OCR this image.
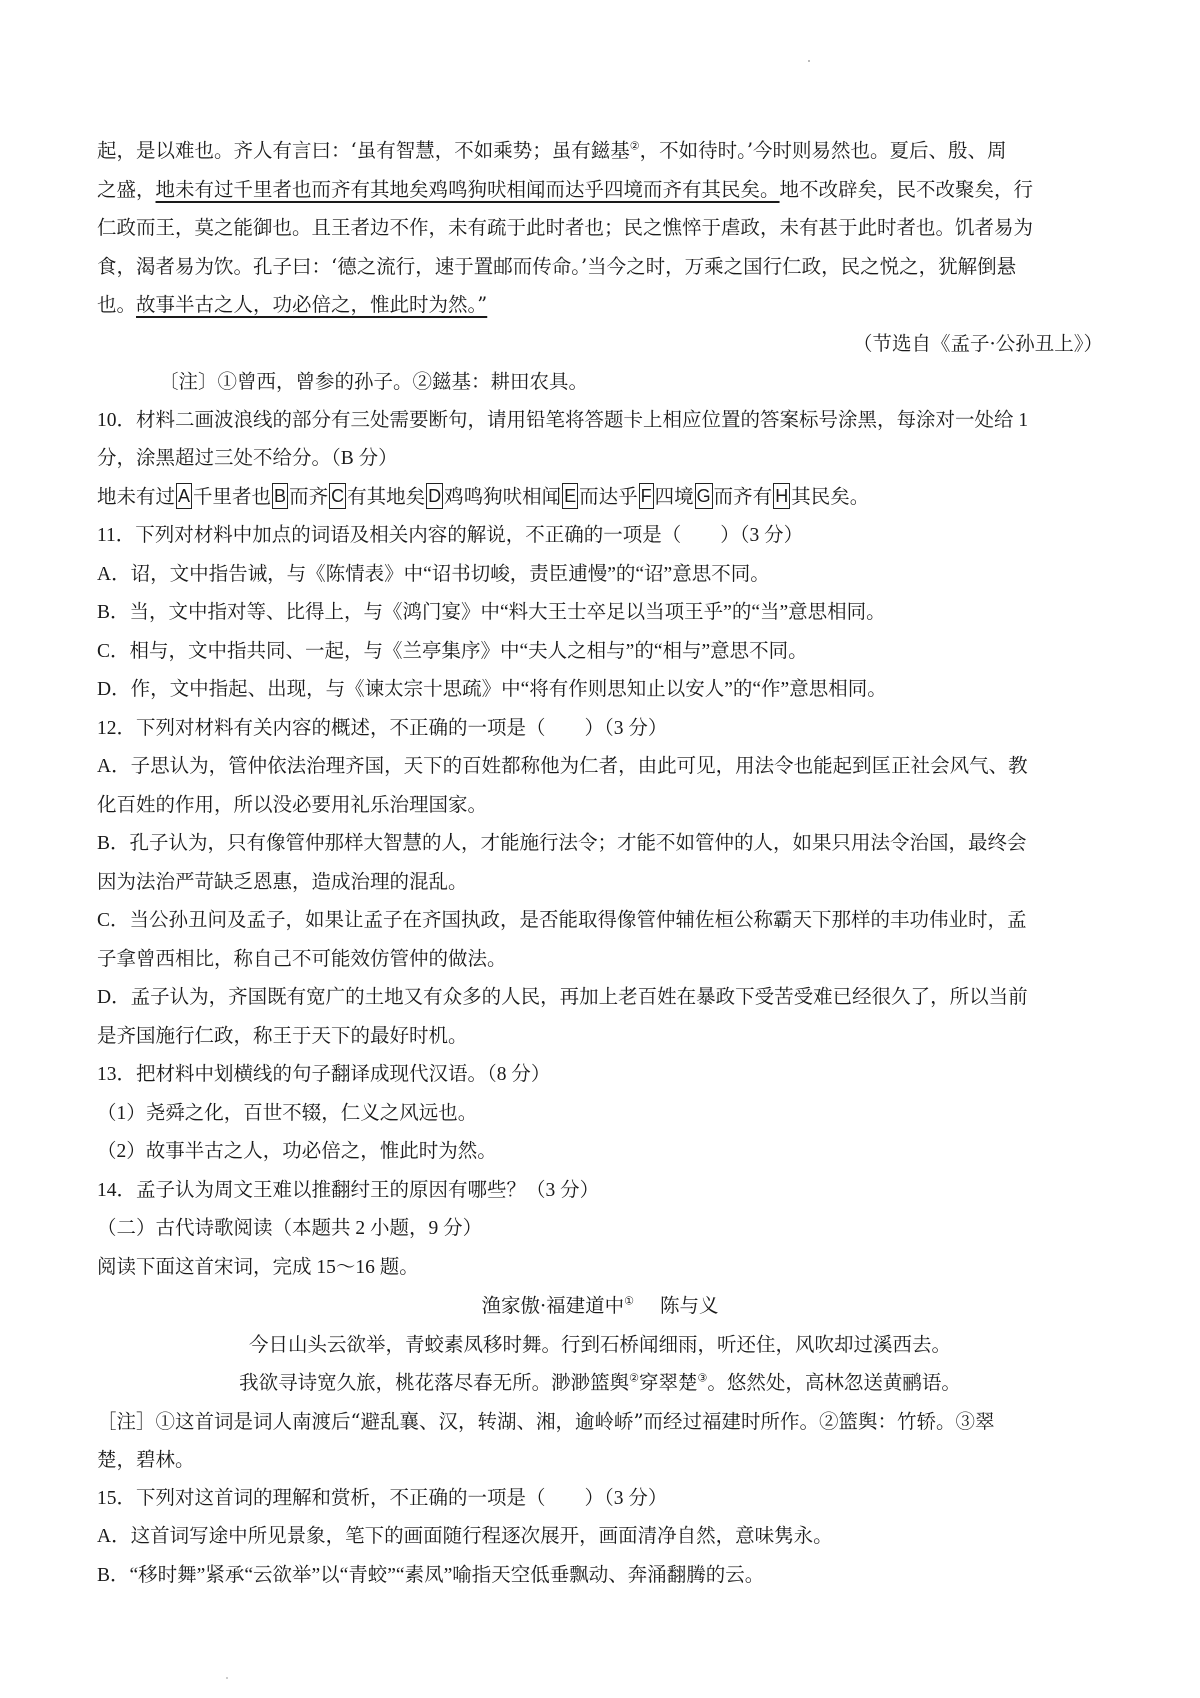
起，是以难也。齐人有言曰：‘虽有智慧，不如乘势；虽有鎡基②，不如待时。’今时则易然也。夏后、殷、周
之盛，地未有过千里者也而齐有其地矣鸡鸣狗吠相闻而达乎四境而齐有其民矣。地不改辟矣，民不改聚矣，行
仁政而王，莫之能御也。且王者边不作，未有疏于此时者也；民之憔悴于虐政，未有甚于此时者也。饥者易为
食，渴者易为饮。孔子曰：‘德之流行，速于置邮而传命。’当今之时，万乘之国行仁政，民之悦之，犹解倒悬
也。故事半古之人，功必倍之，惟此时为然。”
（节选自《孟子·公孙丑上》）
〔注〕①曾西，曾参的孙子。②鎡基：耕田农具。
10．材料二画波浪线的部分有三处需要断句，请用铅笔将答题卡上相应位置的答案标号涂黑，每涂对一处给 1
分，涂黑超过三处不给分。（B 分）
地未有过 A 千里者也 B 而齐 C 有其地矣 D 鸡鸣狗吠相闻 E 而达乎 F 四境 G 而齐有 H 其民矣。
11．下列对材料中加点的词语及相关内容的解说，不正确的一项是（　　）（3 分）
A．诏，文中指告诫，与《陈情表》中“诏书切峻，责臣逋慢”的“诏”意思不同。
B．当，文中指对等、比得上，与《鸿门宴》中“料大王士卒足以当项王乎”的“当”意思相同。
C．相与，文中指共同、一起，与《兰亭集序》中“夫人之相与”的“相与”意思不同。
D．作，文中指起、出现，与《谏太宗十思疏》中“将有作则思知止以安人”的“作”意思相同。
12．下列对材料有关内容的概述，不正确的一项是（　　）（3 分）
A．子思认为，管仲依法治理齐国，天下的百姓都称他为仁者，由此可见，用法令也能起到匡正社会风气、教
化百姓的作用，所以没必要用礼乐治理国家。
B．孔子认为，只有像管仲那样大智慧的人，才能施行法令；才能不如管仲的人，如果只用法令治国，最终会
因为法治严苛缺乏恩惠，造成治理的混乱。
C．当公孙丑问及孟子，如果让孟子在齐国执政，是否能取得像管仲辅佐桓公称霸天下那样的丰功伟业时，孟
子拿曾西相比，称自己不可能效仿管仲的做法。
D．孟子认为，齐国既有宽广的土地又有众多的人民，再加上老百姓在暴政下受苦受难已经很久了，所以当前
是齐国施行仁政，称王于天下的最好时机。
13．把材料中划横线的句子翻译成现代汉语。（8 分）
（1）尧舜之化，百世不辍，仁义之风远也。
（2）故事半古之人，功必倍之，惟此时为然。
14．孟子认为周文王难以推翻纣王的原因有哪些？（3 分）
（二）古代诗歌阅读（本题共 2 小题，9 分）
阅读下面这首宋词，完成 15～16 题。
渔家傲·福建道中① 陈与义
今日山头云欲举，青蛟素凤移时舞。行到石桥闻细雨，听还住，风吹却过溪西去。
我欲寻诗宽久旅，桃花落尽春无所。渺渺篮舆②穿翠楚③。悠然处，高林忽送黄鹂语。
［注］①这首词是词人南渡后“避乱襄、汉，转湖、湘，逾岭峤”而经过福建时所作。②篮舆：竹轿。③翠
楚，碧林。
15．下列对这首词的理解和赏析，不正确的一项是（　　）（3 分）
A．这首词写途中所见景象，笔下的画面随行程逐次展开，画面清净自然，意味隽永。
B．“移时舞”紧承“云欲举”以“青蛟”“素凤”喻指天空低垂飘动、奔涌翻腾的云。
